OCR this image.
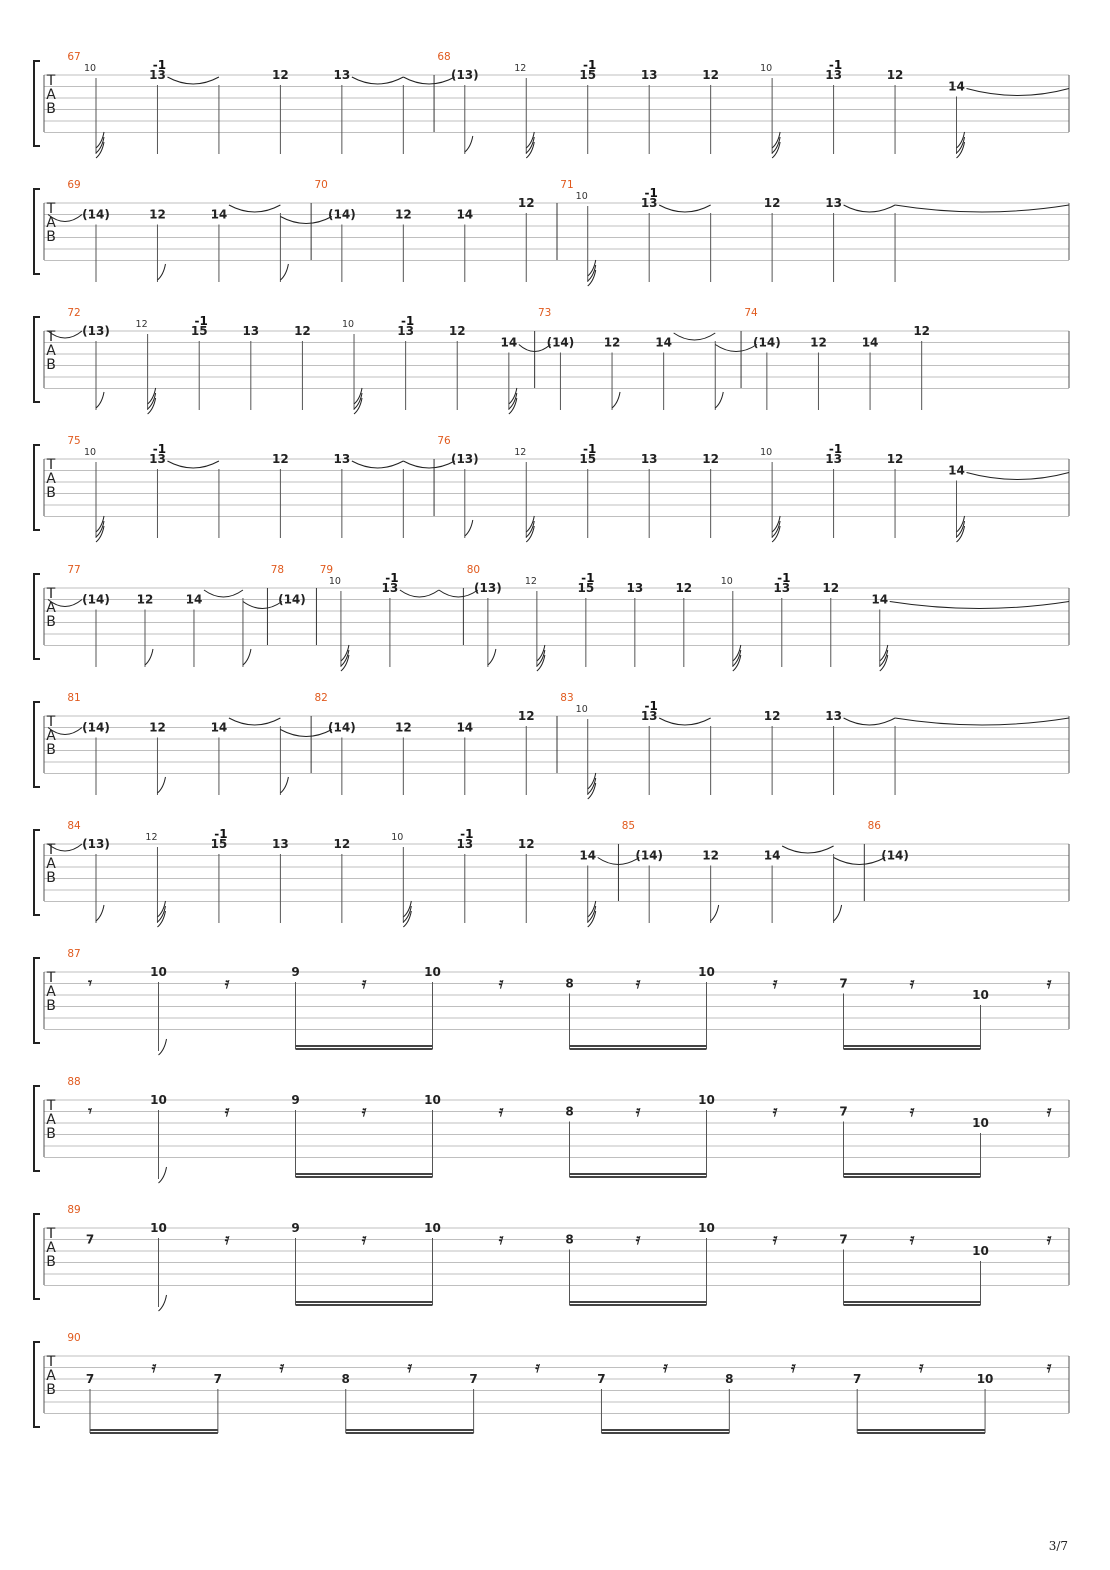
T
A
B
67
10	13
-1
12	13
68
(13)	12	15
-1
13	12	10	13
-1
12
14
T
A
B
69
(14)	12	14
70
(14)	12	14
12
71
10	13
-1
12	13
T
A
B
72
(13)	12	15
-1
13	12	10	13
-1
12
14
73
(14) 12	14
74
(14) 12	14
12
T
A
B
75
10	13
-1
12	13
76
(13)	12	15
-1
13	12	10	13
-1
12
14
T
A
B
77
(14) 12	14
78
(14)
79
10	13
-1
80
(13) 12	15
-1
13	12	10	13
-1
12
14
T
A
B
81
(14)	12	14
82
(14)	12	14
12
83
10	13
-1
12	13
T
A
B
84
(13)	12	15
-1
13	12	10	13
-1
12
14
85
(14)	12	14
86
(14)
T
A
B
87
𝄾
10
𝄿
9
𝄿
10
𝄿	8	𝄿
10
𝄿	7	𝄿
10
𝄿
T
A
B
88
𝄾
10
𝄿
9
𝄿
10
𝄿	8	𝄿
10
𝄿	7	𝄿
10
𝄿
T
A
B
89
7
10
𝄿
9
𝄿
10
𝄿	8	𝄿
10
𝄿	7	𝄿
10
𝄿
T
A
B
90
7
𝄿
7
𝄿
8
𝄿
7
𝄿
7
𝄿
8
𝄿
7
𝄿
10
𝄿
3/7
